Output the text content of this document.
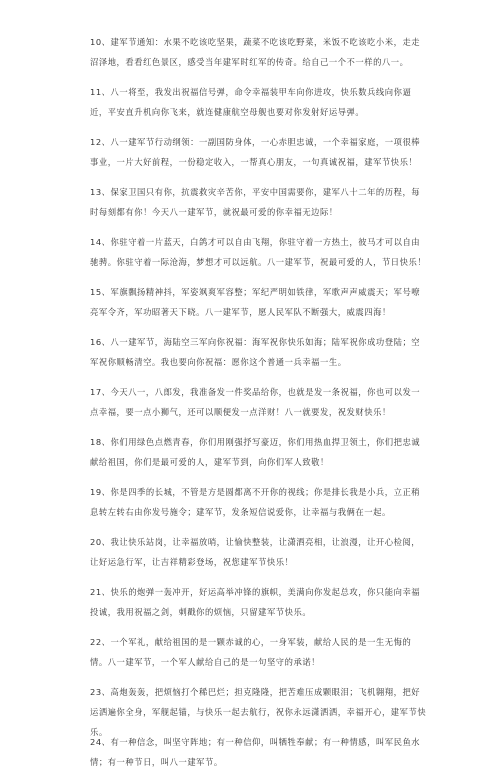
10、建军节通知：水果不吃该吃坚果，蔬菜不吃该吃野菜，米饭不吃该吃小米，走走沼泽地，看看红色景区，感受当年建军时红军的传奇。给自己一个不一样的八一。

11、八一将至，我发出祝福信号弹，命令幸福装甲车向你进攻，快乐数兵线向你逼近，平安直升机向你飞来，就连健康航空母舰也要对你发射好运导弹。

12、八一建军节行动纲领：一副国防身体，一心赤胆忠诚，一个幸福家庭，一项很棒事业，一片大好前程，一份稳定收入，一帮真心朋友，一句真诚祝福，建军节快乐！

13、保家卫国只有你，抗震救灾辛苦你，平安中国需要你，建军八十二年的历程，每时每刻都有你！今天八一建军节，就祝最可爱的你幸福无边际！

14、你驻守着一片蓝天，白鸽才可以自由飞翔，你驻守着一方热土，彼马才可以自由驰骋。你驻守着一际沧海，梦想才可以远航。八一建军节，祝最可爱的人，节日快乐！

15、军旗飘扬精神抖，军姿飒爽军容整；军纪严明如铁律，军歌声声威震天；军号嘹亮军令齐，军功昭著天下晓。八一建军节，愿人民军队不断强大，威震四海！

16、八一建军节，海陆空三军向你祝福：海军祝你快乐如海；陆军祝你成功登陆；空军祝你顺畅清空。我也要向你祝福：愿你这个普通一兵幸福一生。

17、今天八一，八郎发，我准备发一件奖品给你，也就是发一条祝福，你也可以发一点幸福，要一点小狮气，还可以顺便发一点洋财！八一就要发，祝发财快乐！

18、你们用绿色点燃青春，你们用刚强抒写豪迈，你们用热血捍卫领土，你们把忠诚献给祖国，你们是最可爱的人，建军节到，向你们军人致敬！

19、你是四季的长城，不管是方是圆都离不开你的视线；你是排长我是小兵，立正稍息转左转右由你发号施令；建军节，发条短信说爱你，让幸福与我俩在一起。

20、我让快乐站岗，让幸福放哨，让愉快整装，让潇洒亮相，让浪漫，让开心检阅，让好运急行军，让吉祥精彩登场，祝您建军节快乐！

21、快乐的炮弹一轰冲开，好运高举冲锋的旗帜，美满向你发起总攻，你只能向幸福投诚，我用祝福之剑，刺戳你的烦恼，只留建军节快乐。

22、一个军礼，献给祖国的是一颗赤诚的心，一身军装，献给人民的是一生无悔的情。八一建军节，一个军人献给自己的是一句坚守的承诺！

23、高炮轰轰，把烦恼打个稀巴烂；担克隆隆，把苦难压成颗眼泪；飞机翱翔，把好运洒遍你全身，军舰起锚，与快乐一起去航行，祝你永远潇洒洒，幸福开心，建军节快乐。

24、有一种信念，叫坚守阵地；有一种信仰，叫牺牲奉献；有一种情感，叫军民鱼水情；有一种节日，叫八一建军节。
